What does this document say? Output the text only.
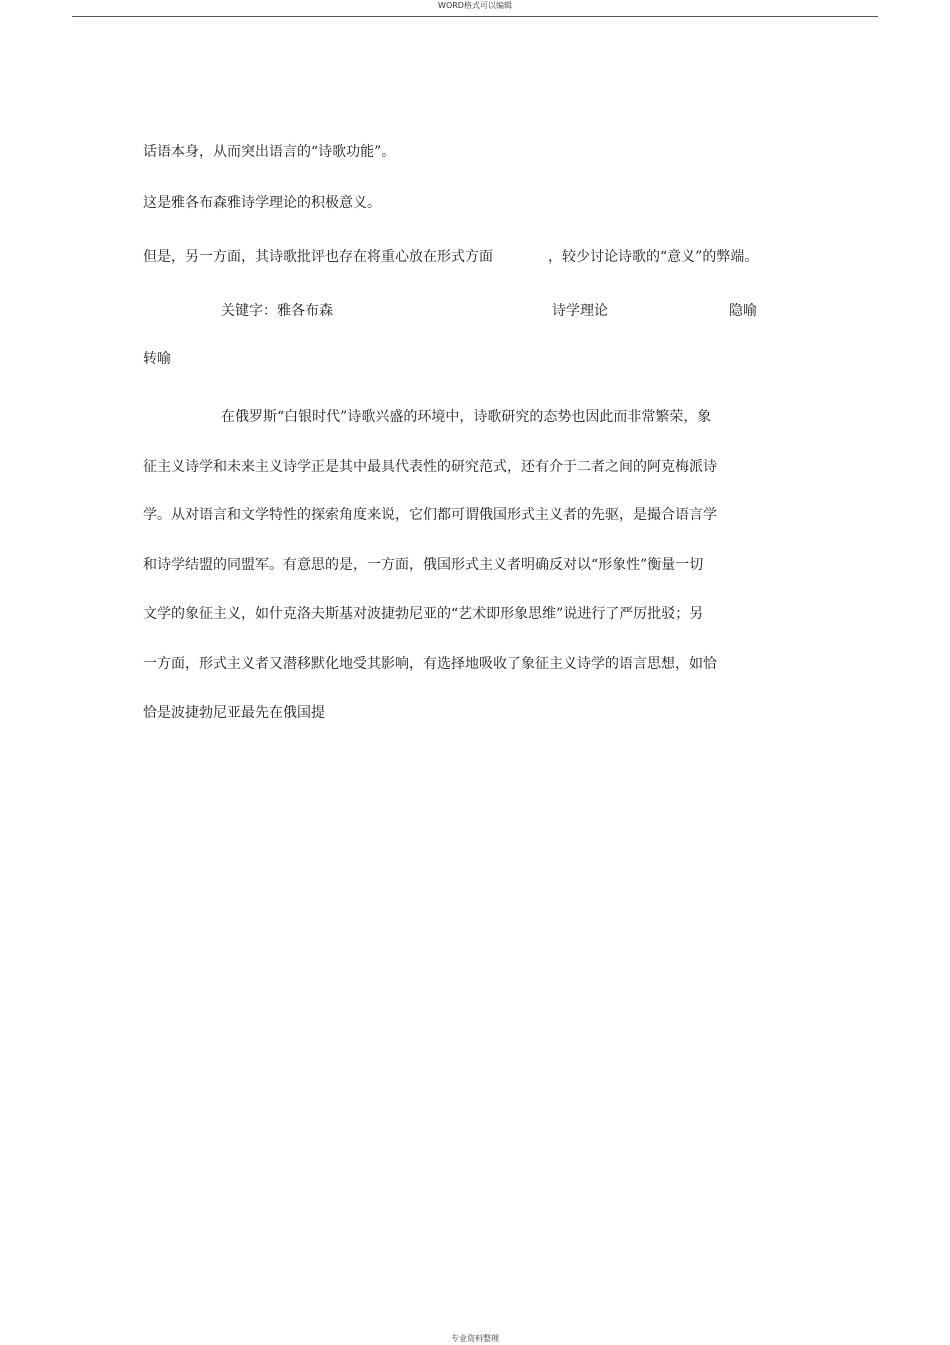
WORD格式可以编辑
话语本身，从而突出语言的“诗歌功能”。
这是雅各布森雅诗学理论的积极意义。
但是，另一方面，其诗歌批评也存在将重心放在形式方面	，较少讨论诗歌的“意义”的弊端。
关键字：雅各布森	诗学理论	隐喻
转喻
在俄罗斯“白银时代”诗歌兴盛的环境中，诗歌研究的态势也因此而非常繁荣，象
征主义诗学和未来主义诗学正是其中最具代表性的研究范式，还有介于二者之间的阿克梅派诗
学。从对语言和文学特性的探索角度来说，它们都可谓俄国形式主义者的先驱，是撮合语言学
和诗学结盟的同盟军。有意思的是，一方面，俄国形式主义者明确反对以“形象性”衡量一切
文学的象征主义，如什克洛夫斯基对波捷勃尼亚的“艺术即形象思维”说进行了严厉批驳；另
一方面，形式主义者又潜移默化地受其影响，有选择地吸收了象征主义诗学的语言思想，如恰
恰是波捷勃尼亚最先在俄国提
专业资料整理
